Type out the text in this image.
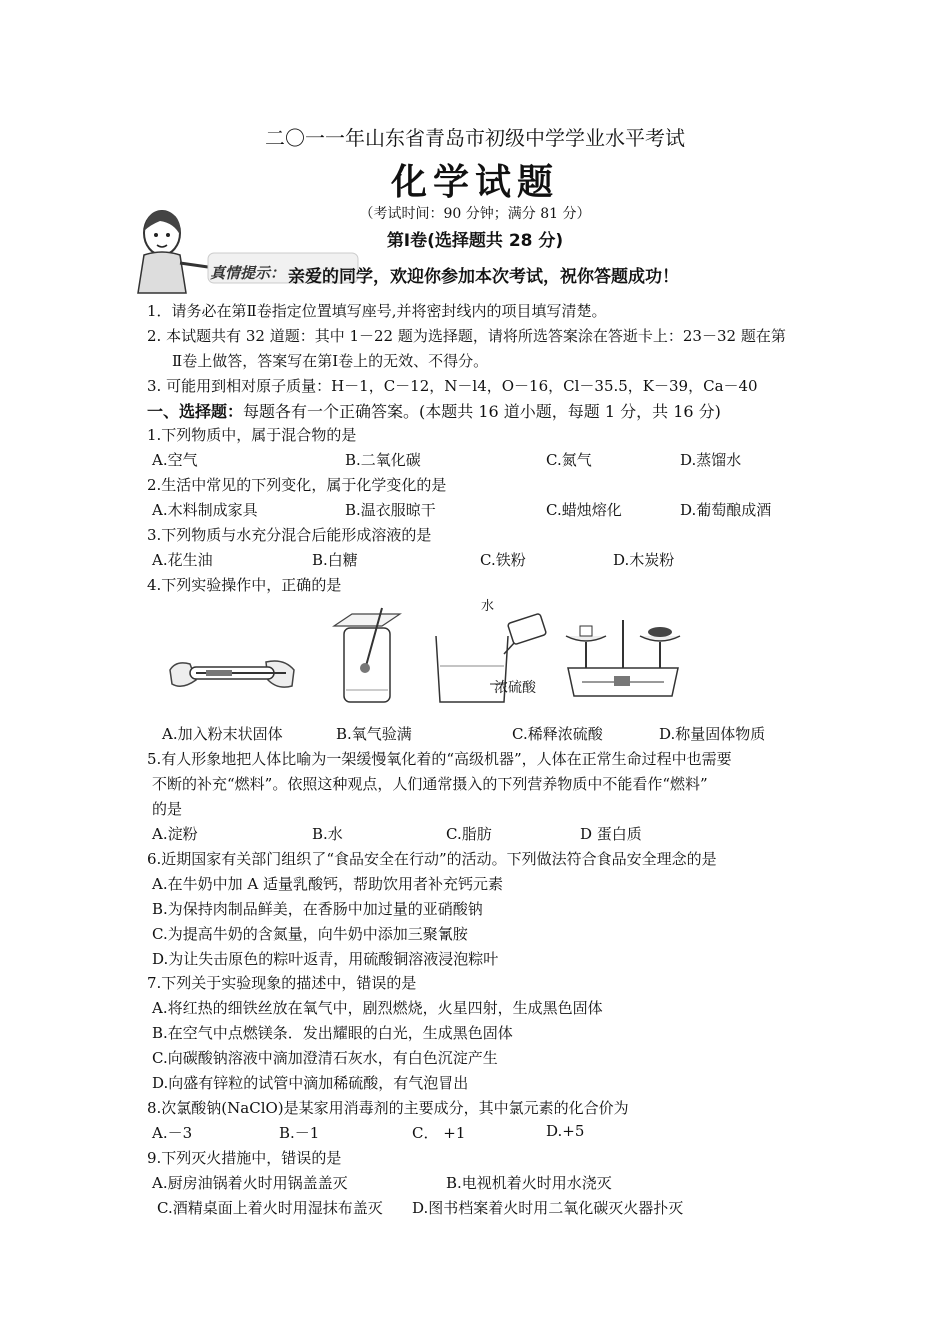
二〇一一年山东省青岛市初级中学学业水平考试
化学试题
（考试时间：90 分钟；满分 81 分）
第Ⅰ卷(选择题共 28 分)
真情提示： 亲爱的同学，欢迎你参加本次考试，祝你答题成功！
1．请务必在第Ⅱ卷指定位置填写座号,并将密封线内的项目填写清楚。
2. 本试题共有 32 道题：其中 1－22 题为选择题，请将所选答案涂在答逝卡上：23－32 题在第
Ⅱ卷上做答，答案写在第Ⅰ卷上的无效、不得分。
3. 可能用到相对原子质量：H－1，C－12，N－l4，O－16，Cl－35.5，K－39，Ca－40
一、选择题：每题各有一个正确答案。(本题共 16 道小题，每题 1 分，共 16 分)
1.下列物质中，属于混合物的是
A.空气	B.二氧化碳	C.氮气	D.蒸馏水
2.生活中常见的下列变化，属于化学变化的是
A.木料制成家具	B.温衣服晾干	C.蜡烛熔化	D.葡萄酿成酒
3.下列物质与水充分混合后能形成溶液的是
A.花生油	B.白糖	C.铁粉	D.木炭粉
4.下列实验操作中，正确的是
水
浓硫酸
A.加入粉末状固体	B.氧气验满	C.稀释浓硫酸	D.称量固体物质
5.有人形象地把人体比喻为一架缓慢氧化着的“高级机器”，人体在正常生命过程中也需要
不断的补充“燃料”。依照这种观点，人们通常摄入的下列营养物质中不能看作“燃料”
的是
A.淀粉	B.水	C.脂肪	D 蛋白质
6.近期国家有关部门组织了“食品安全在行动”的活动。下列做法符合食品安全理念的是
A.在牛奶中加 A 适量乳酸钙，帮助饮用者补充钙元素
B.为保持肉制品鲜美，在香肠中加过量的亚硝酸钠
C.为提高牛奶的含氮量，向牛奶中添加三聚氰胺
D.为让失击原色的粽叶返青，用硫酸铜溶液浸泡粽叶
7.下列关于实验现象的描述中，错误的是
A.将红热的细铁丝放在氧气中，剧烈燃烧，火星四射，生成黑色固体
B.在空气中点燃镁条．发出耀眼的白光，生成黑色固体
C.向碳酸钠溶液中滴加澄清石灰水，有白色沉淀产生
D.向盛有锌粒的试管中滴加稀硫酸，有气泡冒出
8.次氯酸钠(NaClO)是某家用消毒剂的主要成分，其中氯元素的化合价为
A.－3	B.－1	C． +1	D.+5
9.下列灭火措施中，错误的是
A.厨房油锅着火时用锅盖盖灭	B.电视机着火时用水浇灭
C.酒精桌面上着火时用湿抹布盖灭 D.图书档案着火时用二氧化碳灭火器扑灭
